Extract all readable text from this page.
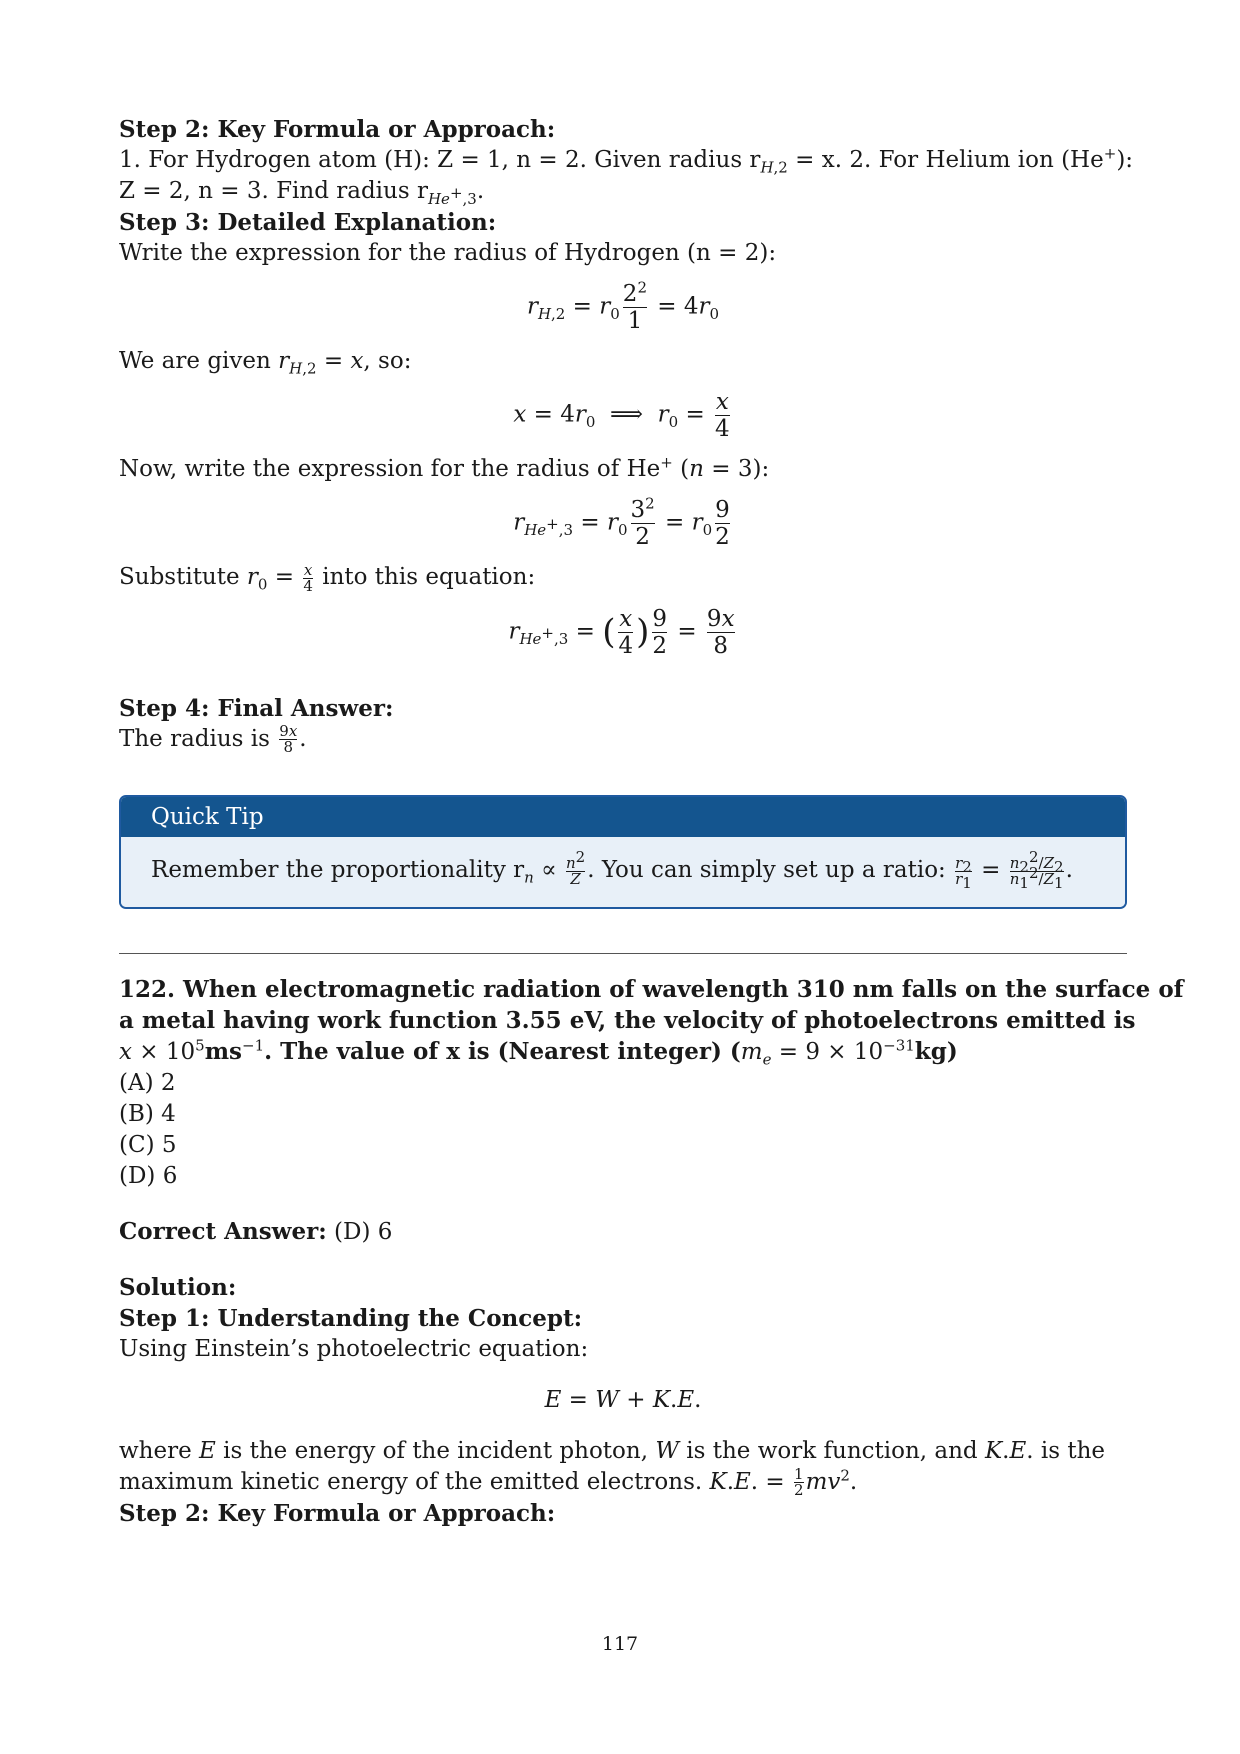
Step 2: Key Formula or Approach:
1. For Hydrogen atom (H): Z = 1, n = 2. Given radius $r_{H,2} = x$. 2. For Helium ion (He+):
Z = 2, n = 3. Find radius $r_{He^+,3}$.
Step 3: Detailed Explanation:
Write the expression for the radius of Hydrogen (n = 2):
$r_{H,2} = r_0 \frac{2^2}{1} = 4r_0$
We are given $r_{H,2} = x$, so:
$x = 4r_0$  ⟹  $r_0 = \frac{x}{4}$
Now, write the expression for the radius of He+ (n = 3):
$r_{He^+,3} = r_0 \frac{3^2}{2} = r_0 \frac{9}{2}$
Substitute $r_0 = \frac{x}{4}$ into this equation:
$r_{He^+,3}$ = ( $\frac{x}{4}$ ) $\frac{9}{2} = \frac{9x}{8}$
Step 4: Final Answer:
The radius is $\frac{9x}{8}$ .
Quick Tip
Remember the proportionality $r_n \propto \frac{n^2}{Z}$ . You can simply set up a ratio: $\frac{r_2}{r_1} = \frac{n_2^2/Z_2}{n_1^2/Z_1}$ .
122. When electromagnetic radiation of wavelength 310 nm falls on the surface of
a metal having work function 3.55 eV, the velocity of photoelectrons emitted is
$x \times 10^5ms^{-1}$. The value of x is (Nearest integer) $(m_e = 9 \times 10^{-31}kg)$
(A) 2
(B) 4
(C) 5
(D) 6
Correct Answer: (D) 6
Solution:
Step 1: Understanding the Concept:
Using Einstein’s photoelectric equation:
E = W + K.E.
where E is the energy of the incident photon, W is the work function, and K.E. is the
maximum kinetic energy of the emitted electrons. K.E. = $\frac{1}{2} mv^2$.
Step 2: Key Formula or Approach:
117
